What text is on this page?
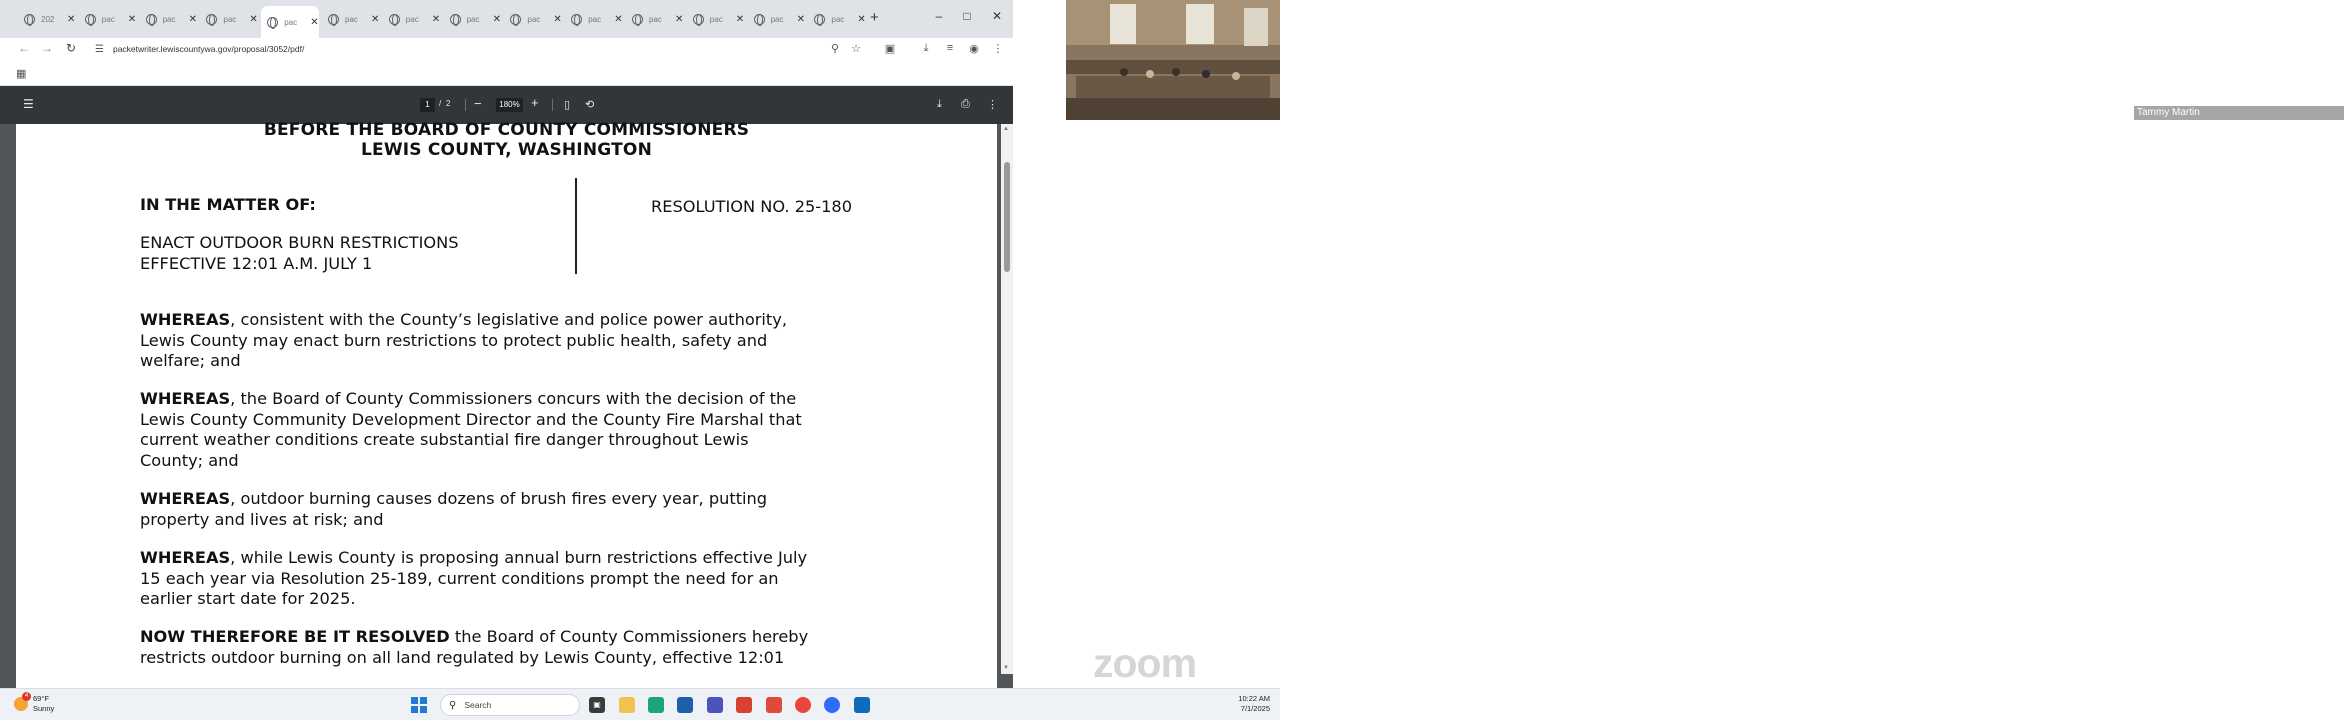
202	✕	pac	✕	pac	✕	pac	✕	pac	✕	pac	✕	pac	✕	pac	✕	pac	✕	pac	✕	pac	✕	pac	✕	pac	✕	pac	✕ +	–	□	✕
← → ↻ ☰ packetwriter.lewiscountywa.gov/proposal/3052/pdf/	⚲	☆ ▣	⤓	≡	◉ ⋮
▦
☰	1	/ 2 −	180% + ▯ ⟲	⤓ ⎙ ⋮
BEFORE THE BOARD OF COUNTY COMMISSIONERS
LEWIS COUNTY, WASHINGTON
IN THE MATTER OF:
ENACT OUTDOOR BURN RESTRICTIONS
EFFECTIVE 12:01 A.M. JULY 1
RESOLUTION NO. 25-180
WHEREAS, consistent with the County’s legislative and police power authority,
Lewis County may enact burn restrictions to protect public health, safety and
welfare; and
WHEREAS, the Board of County Commissioners concurs with the decision of the
Lewis County Community Development Director and the County Fire Marshal that
current weather conditions create substantial fire danger throughout Lewis
County; and
WHEREAS, outdoor burning causes dozens of brush fires every year, putting
property and lives at risk; and
WHEREAS, while Lewis County is proposing annual burn restrictions effective July
15 each year via Resolution 25-189, current conditions prompt the need for an
earlier start date for 2025.
NOW THEREFORE BE IT RESOLVED the Board of County Commissioners hereby
restricts outdoor burning on all land regulated by Lewis County, effective 12:01
▲
▼
Tammy Martin
zoom
4 69°F
Sunny	⚲ Search	▣
10:22 AM
7/1/2025
